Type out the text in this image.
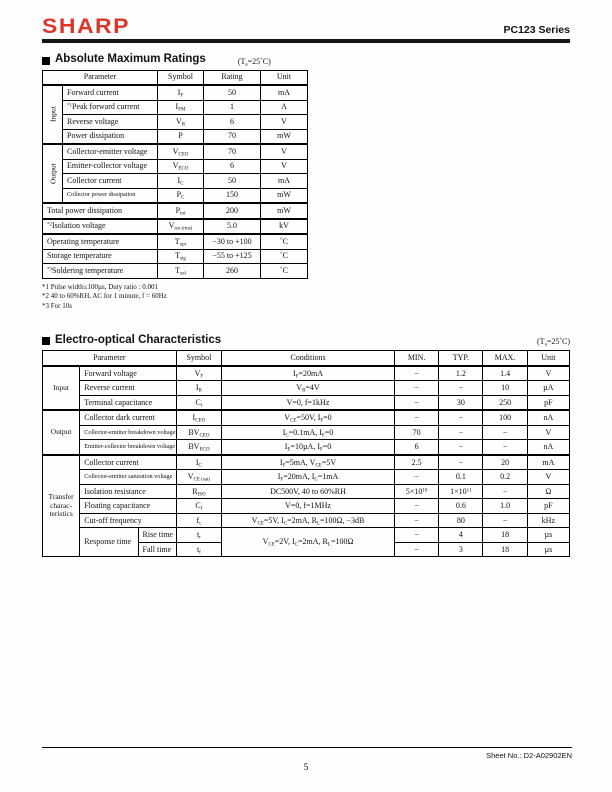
SHARP	PC123 Series
Absolute Maximum Ratings	$(T_a=25˚C)$
Parameter		Symbol	Rating	Unit
Input	Forward current	$I_F$	50	mA
	$^{*1}$Peak forward current	$I_{FM}$	1	A
	Reverse voltage	$V_R$	6	V
	Power dissipation	P	70	mW
Output	Collector-emitter voltage	$V_{CEO}$	70	V
	Emitter-collector voltage	$V_{ECO}$	6	V
	Collector current	$I_C$	50	mA
	Collector power dissipation	$P_C$	150	mW
Total power dissipation		$P_{tot}$	200	mW
$^{*2}$Isolation voltage		$V_{iso (rms)}$	5.0	kV
Operating temperature		$T_{opr}$	−30 to +100	˚C
Storage temperature		$T_{stg}$	−55 to +125	˚C
$^{*3}$Soldering temperature		$T_{sol}$	260	˚C
*1 Pulse width≤100µs, Duty ratio : 0.001
*2 40 to 60%RH, AC for 1 minute, f = 60Hz
*3 For 10s
Electro-optical Characteristics	$(T_a=25˚C)$
Parameter			Symbol	Conditions	MIN.	TYP.	MAX.	Unit
Input	Forward voltage		$V_F$	$I_F=20mA$	−	1.2	1.4	V
	Reverse current		$I_R$	$V_R=4V$	−	−	10	µA
	Terminal capacitance		$C_t$	V=0, f=1kHz	−	30	250	pF
Output	Collector dark current		$I_{CEO}$	$V_{CE}=50V$, $I_F=0$	−	−	100	nA
	Collector-emitter breakdown voltage		$BV_{CEO}$	$I_C=0.1mA$, $I_F=0$	70	−	−	V
	Emitter-collector breakdown voltage		$BV_{ECO}$	$I_E=10\mu A$, $I_F=0$	6	−	−	nA
Transfer
charac-
teristics	Collector current		$I_C$	$I_F=5mA$, $V_{CE}=5V$	2.5	−	20	mA
	Collector-emitter saturation voltage		$V_{CE (sat)}$	$I_F=20mA$, $I_C=1mA$	−	0.1	0.2	V
	Isolation resistance		$R_{ISO}$	DC500V, 40 to 60%RH	$5\times 10^{10}$	$1\times 10^{11}$	−	Ω
	Floating capacitance		$C_f$	V=0, f=1MHz	−	0.6	1.0	pF
	Cut-off frequency		$f_c$	$V_{CE}=5V$, $I_C=2mA$, $R_L=100\Omega$, −3dB	−	80	−	kHz
	Response time	Rise time	$t_r$	$V_{CE}=2V$, $I_C=2mA$, $R_L=100\Omega$	−	4	18	µs
		Fall time	$t_f$		−	3	18	µs
Sheet No.: D2-A02902EN
5
